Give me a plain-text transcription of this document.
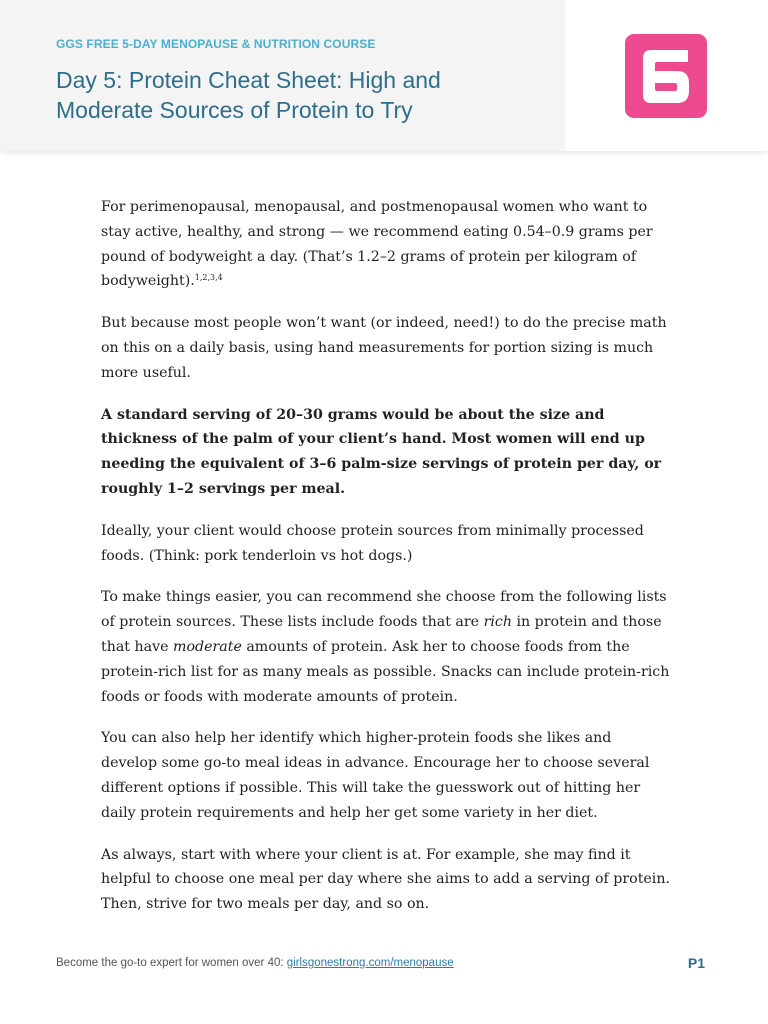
GGS FREE 5-DAY MENOPAUSE & NUTRITION COURSE
Day 5: Protein Cheat Sheet: High and Moderate Sources of Protein to Try

For perimenopausal, menopausal, and postmenopausal women who want to stay active, healthy, and strong — we recommend eating 0.54–0.9 grams per pound of bodyweight a day. (That’s 1.2–2 grams of protein per kilogram of bodyweight).$^{1,2,3,4}$

But because most people won’t want (or indeed, need!) to do the precise math on this on a daily basis, using hand measurements for portion sizing is much more useful.

A standard serving of 20–30 grams would be about the size and thickness of the palm of your client’s hand. Most women will end up needing the equivalent of 3–6 palm-size servings of protein per day, or roughly 1–2 servings per meal.

Ideally, your client would choose protein sources from minimally processed foods. (Think: pork tenderloin vs hot dogs.)

To make things easier, you can recommend she choose from the following lists of protein sources. These lists include foods that are rich in protein and those that have moderate amounts of protein. Ask her to choose foods from the protein-rich list for as many meals as possible. Snacks can include protein-rich foods or foods with moderate amounts of protein.

You can also help her identify which higher-protein foods she likes and develop some go-to meal ideas in advance. Encourage her to choose several different options if possible. This will take the guesswork out of hitting her daily protein requirements and help her get some variety in her diet.

As always, start with where your client is at. For example, she may find it helpful to choose one meal per day where she aims to add a serving of protein. Then, strive for two meals per day, and so on.

Become the go-to expert for women over 40: girlsgonestrong.com/menopause	P1
